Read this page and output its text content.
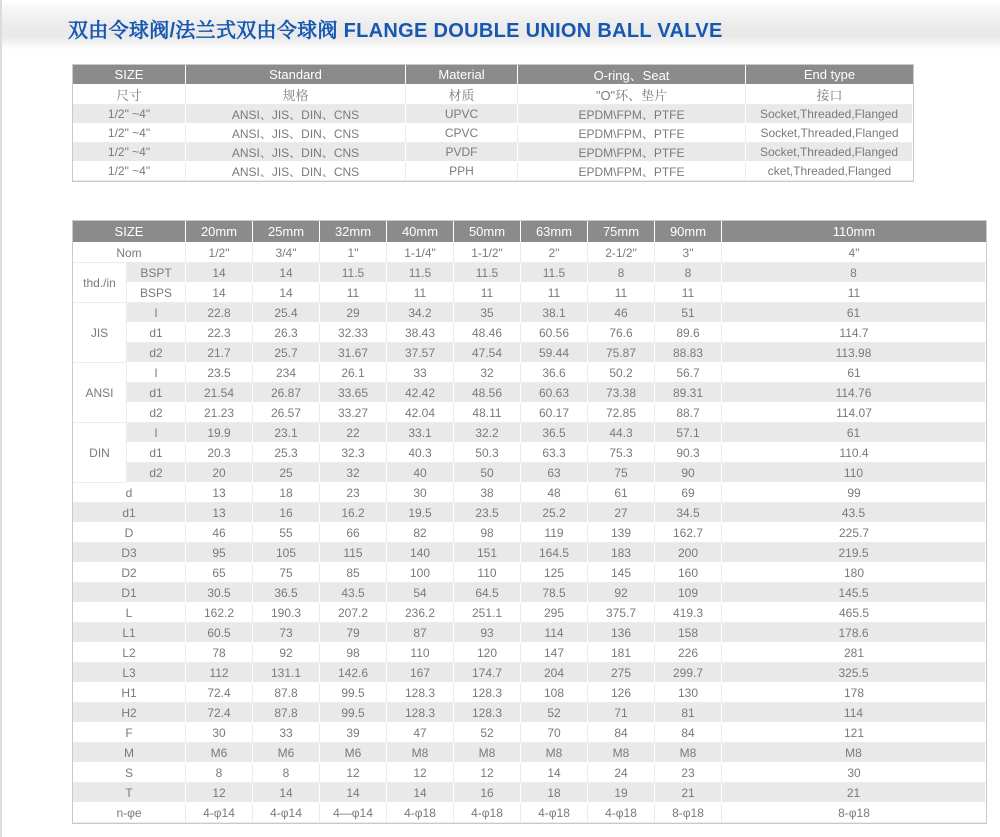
双由令球阀/法兰式双由令球阀 FLANGE DOUBLE UNION BALL VALVE
SIZE	Standard	Material	O-ring、Seat	End type
尺寸	规格	材质	"O"环、垫片	接口
1/2" ~4"	ANSI、JIS、DIN、CNS	UPVC	EPDM\FPM、PTFE	Socket,Threaded,Flanged
1/2" ~4"	ANSI、JIS、DIN、CNS	CPVC	EPDM\FPM、PTFE	Socket,Threaded,Flanged
1/2" ~4"	ANSI、JIS、DIN、CNS	PVDF	EPDM\FPM、PTFE	Socket,Threaded,Flanged
1/2" ~4"	ANSI、JIS、DIN、CNS	PPH	EPDM\FPM、PTFE	cket,Threaded,Flanged
SIZE		20mm	25mm	32mm	40mm	50mm	63mm	75mm	90mm	110mm
Nom		1/2"	3/4"	1"	1-1/4"	1-1/2"	2"	2-1/2"	3"	4"
thd./in	BSPT	14	14	11.5	11.5	11.5	11.5	8	8	8
	BSPS	14	14	11	11	11	11	11	11	11
JIS	I	22.8	25.4	29	34.2	35	38.1	46	51	61
	d1	22.3	26.3	32.33	38.43	48.46	60.56	76.6	89.6	114.7
	d2	21.7	25.7	31.67	37.57	47.54	59.44	75.87	88.83	113.98
ANSI	I	23.5	234	26.1	33	32	36.6	50.2	56.7	61
	d1	21.54	26.87	33.65	42.42	48.56	60.63	73.38	89.31	114.76
	d2	21.23	26.57	33.27	42.04	48.11	60.17	72.85	88.7	114.07
DIN	I	19.9	23.1	22	33.1	32.2	36.5	44.3	57.1	61
	d1	20.3	25.3	32.3	40.3	50.3	63.3	75.3	90.3	110.4
	d2	20	25	32	40	50	63	75	90	110
d		13	18	23	30	38	48	61	69	99
d1		13	16	16.2	19.5	23.5	25.2	27	34.5	43.5
D		46	55	66	82	98	119	139	162.7	225.7
D3		95	105	115	140	151	164.5	183	200	219.5
D2		65	75	85	100	110	125	145	160	180
D1		30.5	36.5	43.5	54	64.5	78.5	92	109	145.5
L		162.2	190.3	207.2	236.2	251.1	295	375.7	419.3	465.5
L1		60.5	73	79	87	93	114	136	158	178.6
L2		78	92	98	110	120	147	181	226	281
L3		112	131.1	142.6	167	174.7	204	275	299.7	325.5
H1		72.4	87.8	99.5	128.3	128.3	108	126	130	178
H2		72.4	87.8	99.5	128.3	128.3	52	71	81	114
F		30	33	39	47	52	70	84	84	121
M		M6	M6	M6	M8	M8	M8	M8	M8	M8
S		8	8	12	12	12	14	24	23	30
T		12	14	14	14	16	18	19	21	21
n-φe		4-φ14	4-φ14	4—φ14	4-φ18	4-φ18	4-φ18	4-φ18	8-φ18	8-φ18
